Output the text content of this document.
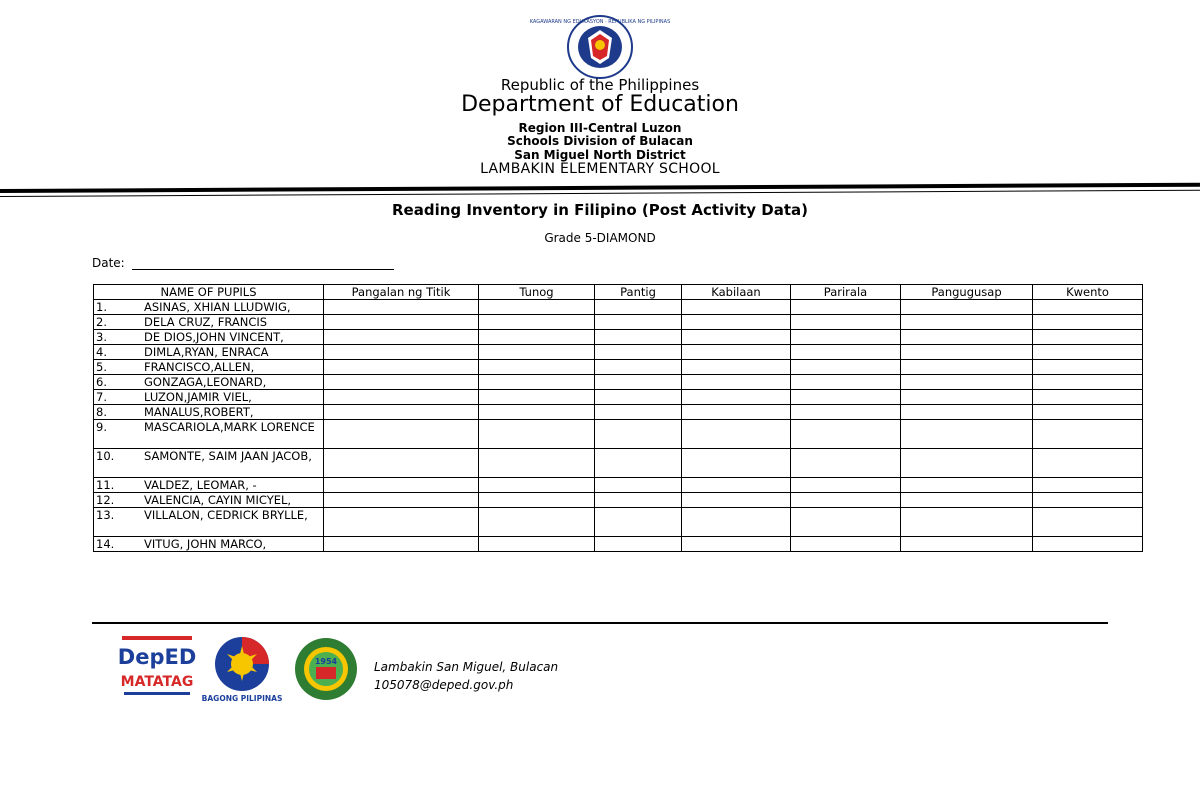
KAGAWARAN NG EDUKASYON · REPUBLIKA NG PILIPINAS
Republic of the Philippines
Department of Education
Region III-Central Luzon
Schools Division of Bulacan
San Miguel North District
LAMBAKIN ELEMENTARY SCHOOL
Reading Inventory in Filipino (Post Activity Data)
Grade 5-DIAMOND
Date:
NAME OF PUPILS	Pangalan ng Titik	Tunog	Pantig	Kabilaan	Parirala	Pangugusap	Kwento
1. ASINAS, XHIAN LLUDWIG,							
2. DELA CRUZ, FRANCIS							
3. DE DIOS,JOHN VINCENT,							
4. DIMLA,RYAN, ENRACA							
5. FRANCISCO,ALLEN,							
6. GONZAGA,LEONARD,							
7. LUZON,JAMIR VIEL,							
8. MANALUS,ROBERT,							
9. MASCARIOLA,MARK LORENCE							
10. SAMONTE, SAIM JAAN JACOB,							
11. VALDEZ, LEOMAR, -							
12. VALENCIA, CAYIN MICYEL,							
13. VILLALON, CEDRICK BRYLLE,							
14. VITUG, JOHN MARCO,							
DepED
MATATAG
BAGONG PILIPINAS
1954	Lambakin San Miguel, Bulacan
105078@deped.gov.ph
